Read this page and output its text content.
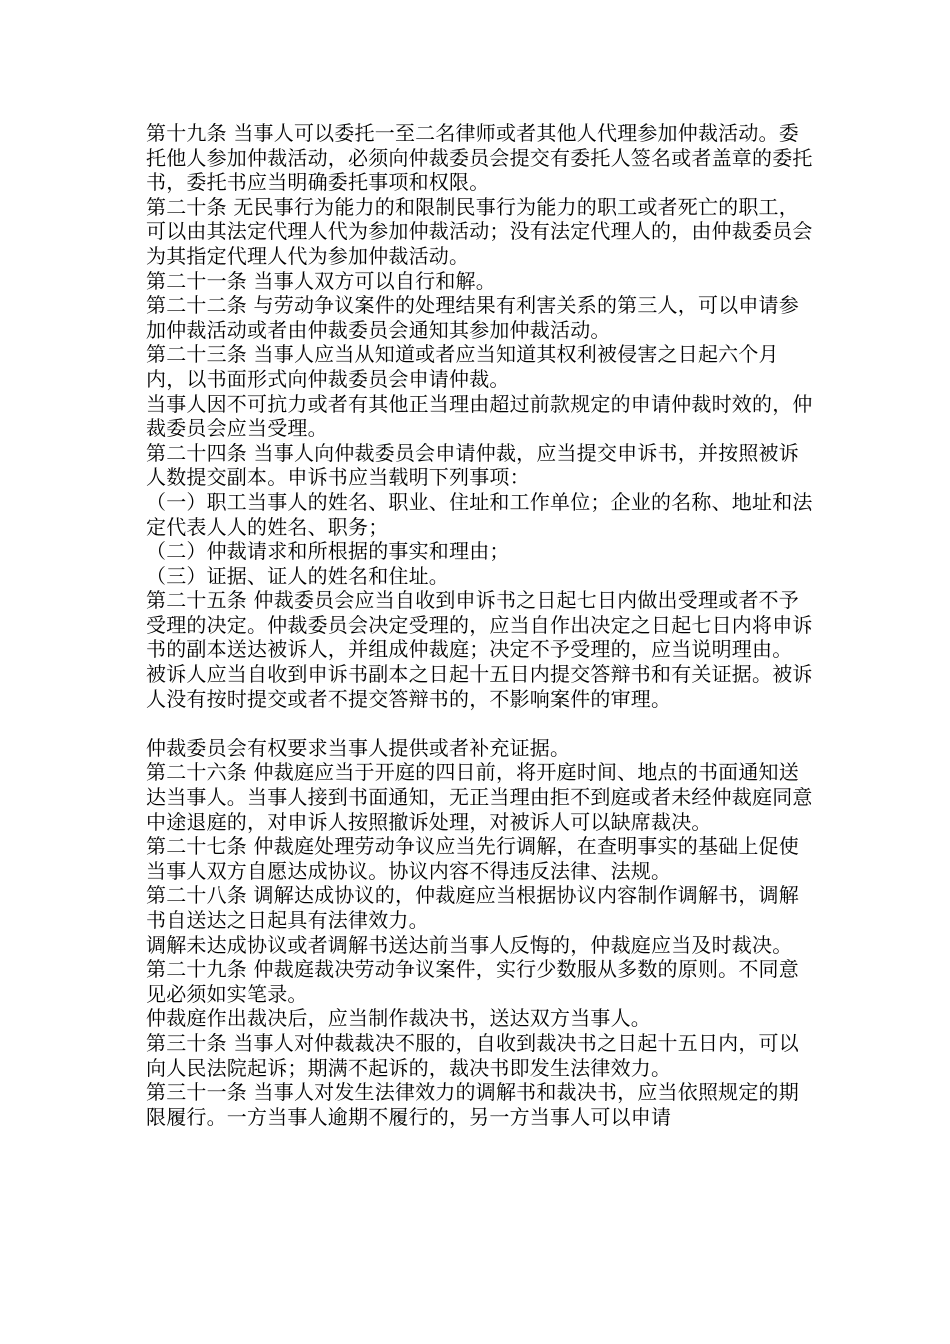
第十九条 当事人可以委托一至二名律师或者其他人代理参加仲裁活动。委托他人参加仲裁活动，必须向仲裁委员会提交有委托人签名或者盖章的委托书，委托书应当明确委托事项和权限。

第二十条 无民事行为能力的和限制民事行为能力的职工或者死亡的职工，可以由其法定代理人代为参加仲裁活动；没有法定代理人的，由仲裁委员会为其指定代理人代为参加仲裁活动。

第二十一条 当事人双方可以自行和解。

第二十二条 与劳动争议案件的处理结果有利害关系的第三人，可以申请参加仲裁活动或者由仲裁委员会通知其参加仲裁活动。

第二十三条 当事人应当从知道或者应当知道其权利被侵害之日起六个月内，以书面形式向仲裁委员会申请仲裁。

当事人因不可抗力或者有其他正当理由超过前款规定的申请仲裁时效的，仲裁委员会应当受理。

第二十四条 当事人向仲裁委员会申请仲裁，应当提交申诉书，并按照被诉人数提交副本。申诉书应当载明下列事项：

（一）职工当事人的姓名、职业、住址和工作单位；企业的名称、地址和法定代表人人的姓名、职务；

（二）仲裁请求和所根据的事实和理由；

（三）证据、证人的姓名和住址。

第二十五条 仲裁委员会应当自收到申诉书之日起七日内做出受理或者不予受理的决定。仲裁委员会决定受理的，应当自作出决定之日起七日内将申诉书的副本送达被诉人，并组成仲裁庭；决定不予受理的，应当说明理由。

被诉人应当自收到申诉书副本之日起十五日内提交答辩书和有关证据。被诉人没有按时提交或者不提交答辩书的，不影响案件的审理。

仲裁委员会有权要求当事人提供或者补充证据。

第二十六条 仲裁庭应当于开庭的四日前，将开庭时间、地点的书面通知送达当事人。当事人接到书面通知，无正当理由拒不到庭或者未经仲裁庭同意中途退庭的，对申诉人按照撤诉处理，对被诉人可以缺席裁决。

第二十七条 仲裁庭处理劳动争议应当先行调解，在查明事实的基础上促使当事人双方自愿达成协议。协议内容不得违反法律、法规。

第二十八条 调解达成协议的，仲裁庭应当根据协议内容制作调解书，调解书自送达之日起具有法律效力。

调解未达成协议或者调解书送达前当事人反悔的，仲裁庭应当及时裁决。

第二十九条 仲裁庭裁决劳动争议案件，实行少数服从多数的原则。不同意见必须如实笔录。

仲裁庭作出裁决后，应当制作裁决书，送达双方当事人。

第三十条 当事人对仲裁裁决不服的，自收到裁决书之日起十五日内，可以向人民法院起诉；期满不起诉的，裁决书即发生法律效力。

第三十一条 当事人对发生法律效力的调解书和裁决书，应当依照规定的期限履行。一方当事人逾期不履行的，另一方当事人可以申请
